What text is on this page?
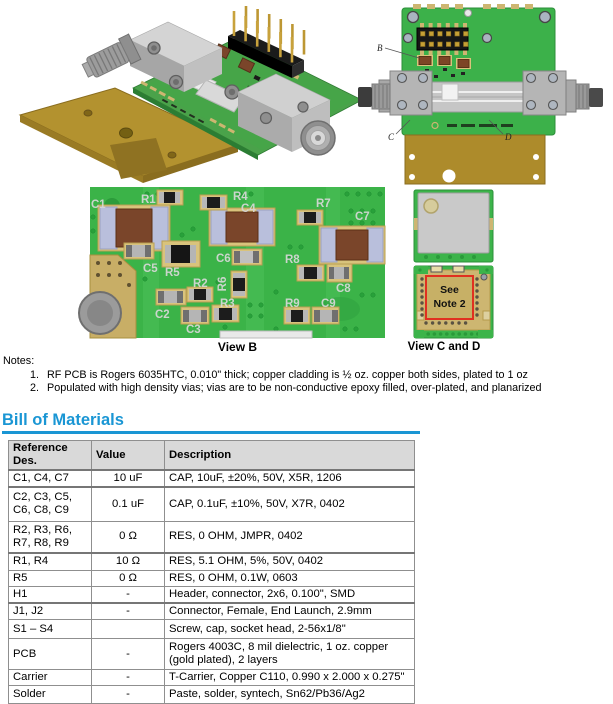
B
C	D
C1	R1	R4
C4	R7
C7
C5 R5
C6	R8
C8
R2 R6
C2
C3
R3	R9 C9
View B
See
Note 2
View C and D
Notes:
1. RF PCB is Rogers 6035HTC, 0.010" thick; copper cladding is ½ oz. copper both sides, plated to 1 oz
2. Populated with high density vias; vias are to be non-conductive epoxy filled, over-plated, and planarized
Bill of Materials
Reference Des.	Value	Description
C1, C4, C7	10 uF	CAP, 10uF, ±20%, 50V, X5R, 1206
C2, C3, C5, C6, C8, C9	0.1 uF	CAP, 0.1uF, ±10%, 50V, X7R, 0402
R2, R3, R6, R7, R8, R9	0 Ω	RES, 0 OHM, JMPR, 0402
R1, R4	10 Ω	RES, 5.1 OHM, 5%, 50V, 0402
R5	0 Ω	RES, 0 OHM, 0.1W, 0603
H1	-	Header, connector, 2x6, 0.100", SMD
J1, J2	-	Connector, Female, End Launch, 2.9mm
S1 – S4		Screw, cap, socket head, 2-56x1/8"
PCB	-	Rogers 4003C, 8 mil dielectric, 1 oz. copper (gold plated), 2 layers
Carrier	-	T-Carrier, Copper C110, 0.990 x 2.000 x 0.275"
Solder	-	Paste, solder, syntech, Sn62/Pb36/Ag2
